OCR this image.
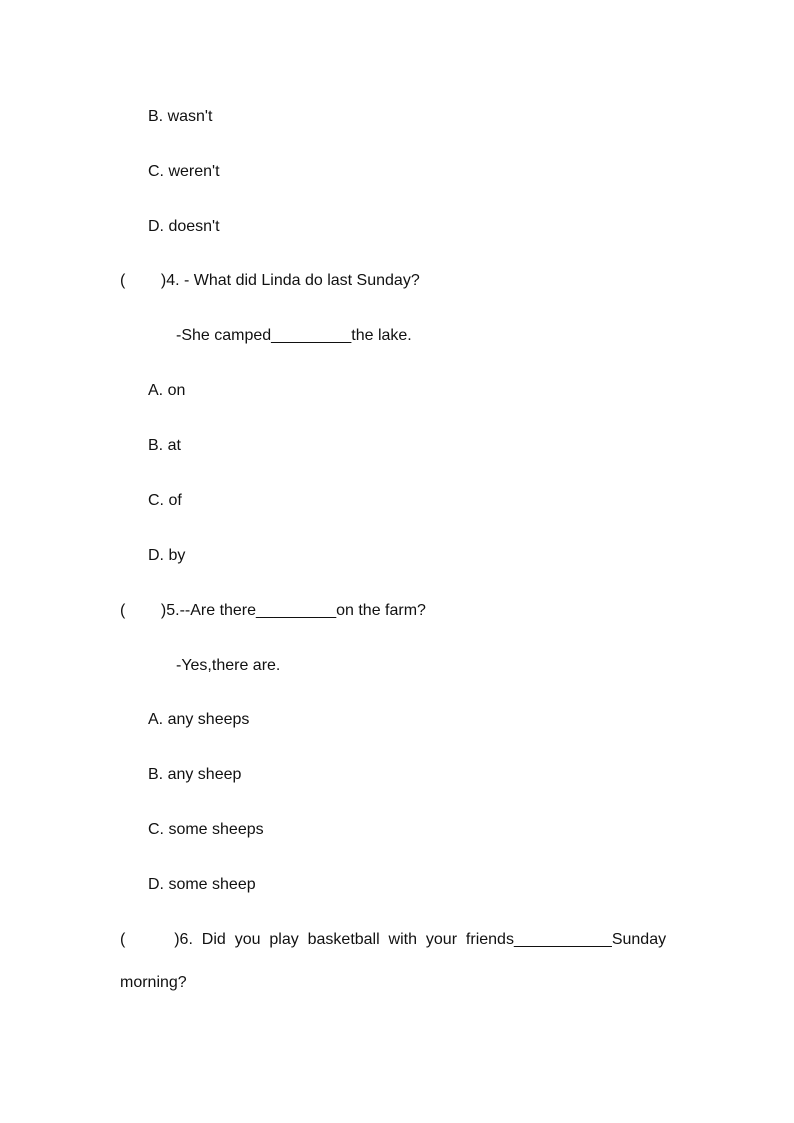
B. wasn't
C. weren't
D. doesn't
(        )4. - What did Linda do last Sunday?
-She camped_________the lake.
A. on
B. at
C. of
D. by
(        )5.--Are there_________on the farm?
-Yes,there are.
A. any sheeps
B. any sheep
C. some sheeps
D. some sheep
(           )6.  Did  you  play  basketball  with  your  friends___________Sunday
morning?
